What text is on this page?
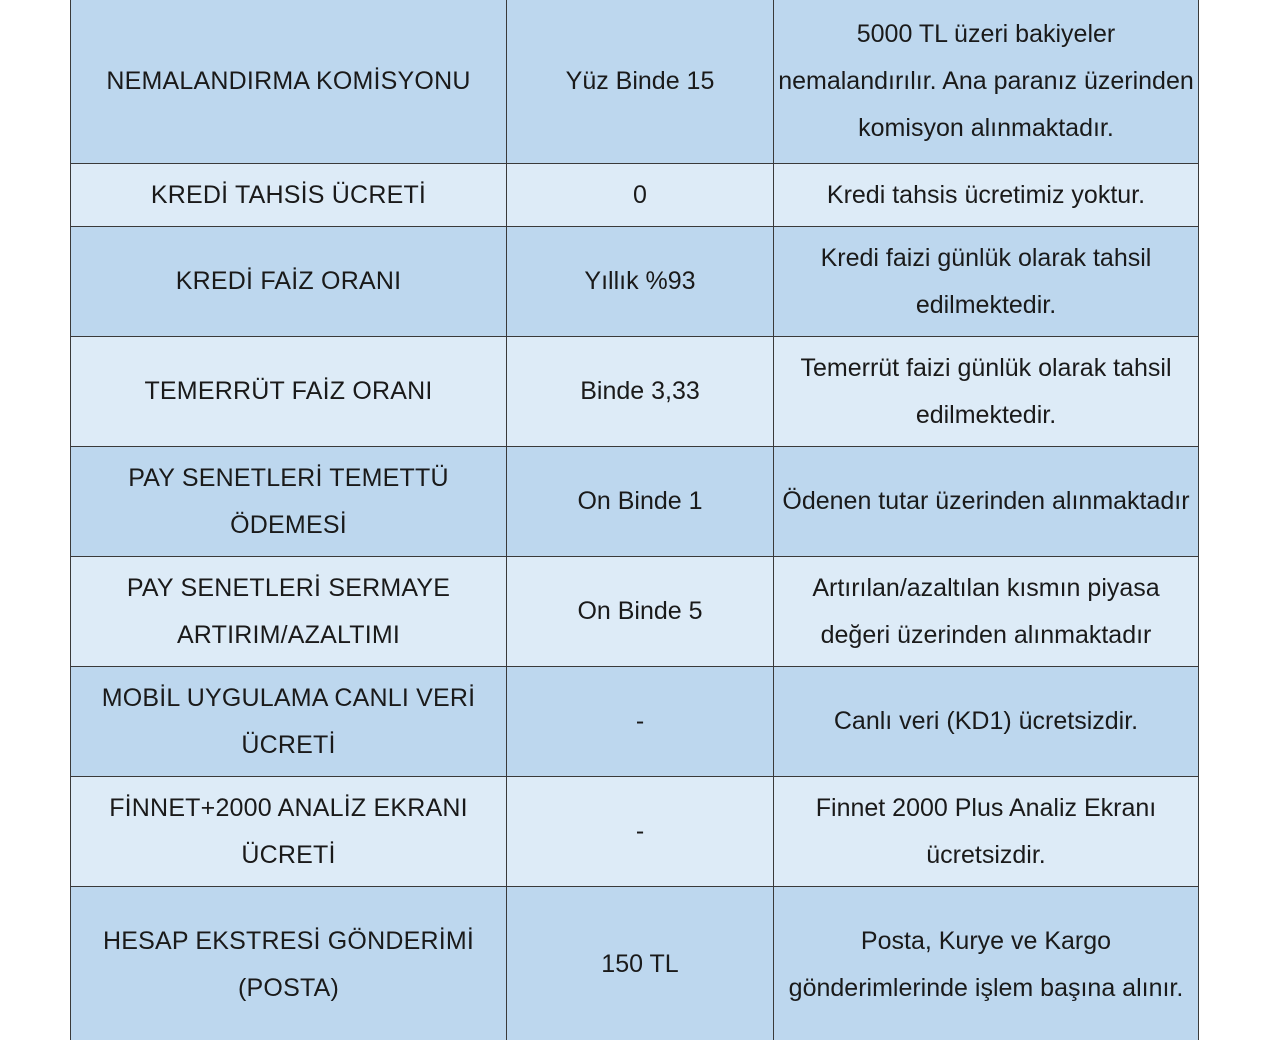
NEMALANDIRMA KOMİSYONU	Yüz Binde 15	5000 TL üzeri bakiyeler nemalandırılır. Ana paranız üzerinden komisyon alınmaktadır.
KREDİ TAHSİS ÜCRETİ	0	Kredi tahsis ücretimiz yoktur.
KREDİ FAİZ ORANI	Yıllık %93	Kredi faizi günlük olarak tahsil edilmektedir.
TEMERRÜT FAİZ ORANI	Binde 3,33	Temerrüt faizi günlük olarak tahsil edilmektedir.
PAY SENETLERİ TEMETTÜ ÖDEMESİ	On Binde 1	Ödenen tutar üzerinden alınmaktadır
PAY SENETLERİ SERMAYE ARTIRIM/AZALTIMI	On Binde 5	Artırılan/azaltılan kısmın piyasa değeri üzerinden alınmaktadır
MOBİL UYGULAMA CANLI VERİ ÜCRETİ	-	Canlı veri (KD1) ücretsizdir.
FİNNET+2000 ANALİZ EKRANI ÜCRETİ	-	Finnet 2000 Plus Analiz Ekranı ücretsizdir.
HESAP EKSTRESİ GÖNDERİMİ (POSTA)	150 TL	Posta, Kurye ve Kargo gönderimlerinde işlem başına alınır.
